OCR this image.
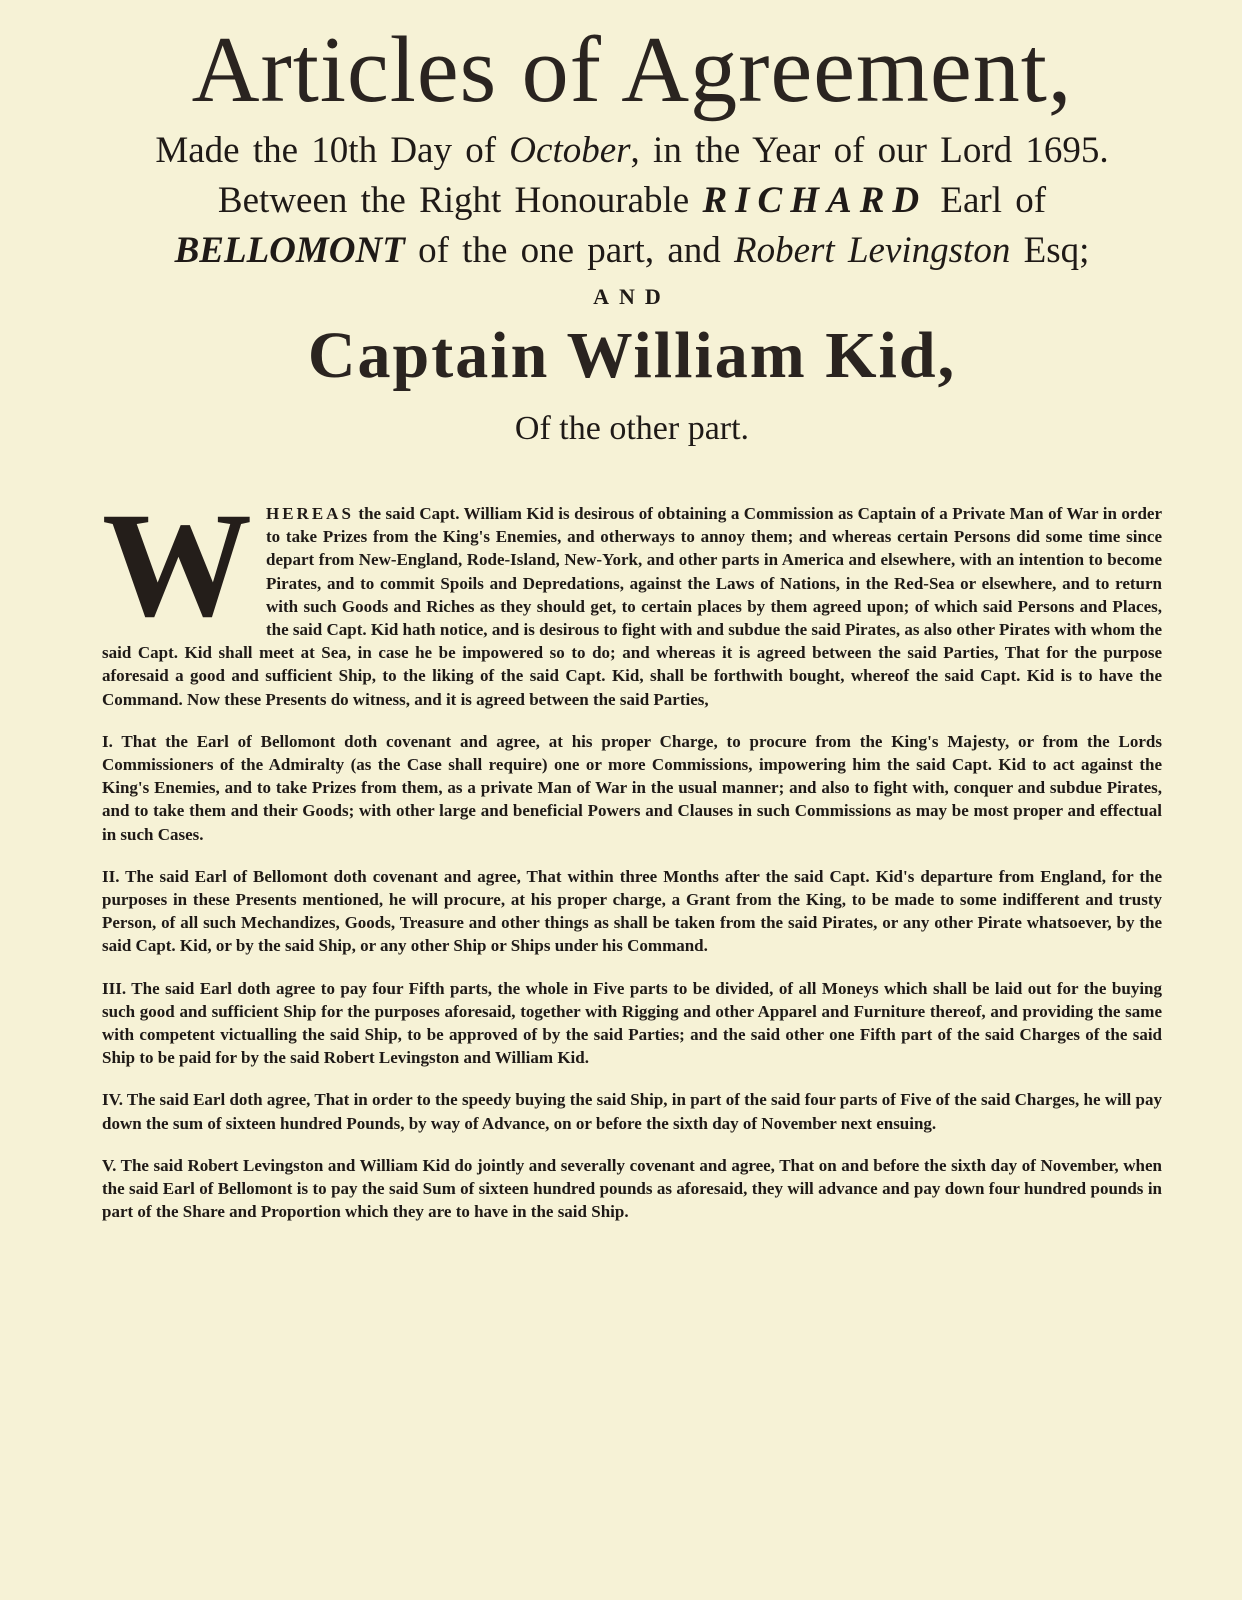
Articles of Agreement,

Made the 10th Day of October, in the Year of our Lord 1695.

Between the Right Honourable RICHARD Earl of

BELLOMONT of the one part, and Robert Levingston Esq;

AND

Captain William Kid,

Of the other part.

WHEREAS the said Capt. William Kid is desirous of obtaining a Commission as Captain of a Private Man of War in order to take Prizes from the King's Enemies, and otherways to annoy them; and whereas certain Persons did some time since depart from New-England, Rode-Island, New-York, and other parts in America and elsewhere, with an intention to become Pirates, and to commit Spoils and Depredations, against the Laws of Nations, in the Red-Sea or elsewhere, and to return with such Goods and Riches as they should get, to certain places by them agreed upon; of which said Persons and Places, the said Capt. Kid hath notice, and is desirous to fight with and subdue the said Pirates, as also other Pirates with whom the said Capt. Kid shall meet at Sea, in case he be impowered so to do; and whereas it is agreed between the said Parties, That for the purpose aforesaid a good and sufficient Ship, to the liking of the said Capt. Kid, shall be forthwith bought, whereof the said Capt. Kid is to have the Command. Now these Presents do witness, and it is agreed between the said Parties,

I. That the Earl of Bellomont doth covenant and agree, at his proper Charge, to procure from the King's Majesty, or from the Lords Commissioners of the Admiralty (as the Case shall require) one or more Commissions, impowering him the said Capt. Kid to act against the King's Enemies, and to take Prizes from them, as a private Man of War in the usual manner; and also to fight with, conquer and subdue Pirates, and to take them and their Goods; with other large and beneficial Powers and Clauses in such Commissions as may be most proper and effectual in such Cases.

II. The said Earl of Bellomont doth covenant and agree, That within three Months after the said Capt. Kid's departure from England, for the purposes in these Presents mentioned, he will procure, at his proper charge, a Grant from the King, to be made to some indifferent and trusty Person, of all such Mechandizes, Goods, Treasure and other things as shall be taken from the said Pirates, or any other Pirate whatsoever, by the said Capt. Kid, or by the said Ship, or any other Ship or Ships under his Command.

III. The said Earl doth agree to pay four Fifth parts, the whole in Five parts to be divided, of all Moneys which shall be laid out for the buying such good and sufficient Ship for the purposes aforesaid, together with Rigging and other Apparel and Furniture thereof, and providing the same with competent victualling the said Ship, to be approved of by the said Parties; and the said other one Fifth part of the said Charges of the said Ship to be paid for by the said Robert Levingston and William Kid.

IV. The said Earl doth agree, That in order to the speedy buying the said Ship, in part of the said four parts of Five of the said Charges, he will pay down the sum of sixteen hundred Pounds, by way of Advance, on or before the sixth day of November next ensuing.

V. The said Robert Levingston and William Kid do jointly and severally covenant and agree, That on and before the sixth day of November, when the said Earl of Bellomont is to pay the said Sum of sixteen hundred pounds as aforesaid, they will advance and pay down four hundred pounds in part of the Share and Proportion which they are to have in the said Ship.
